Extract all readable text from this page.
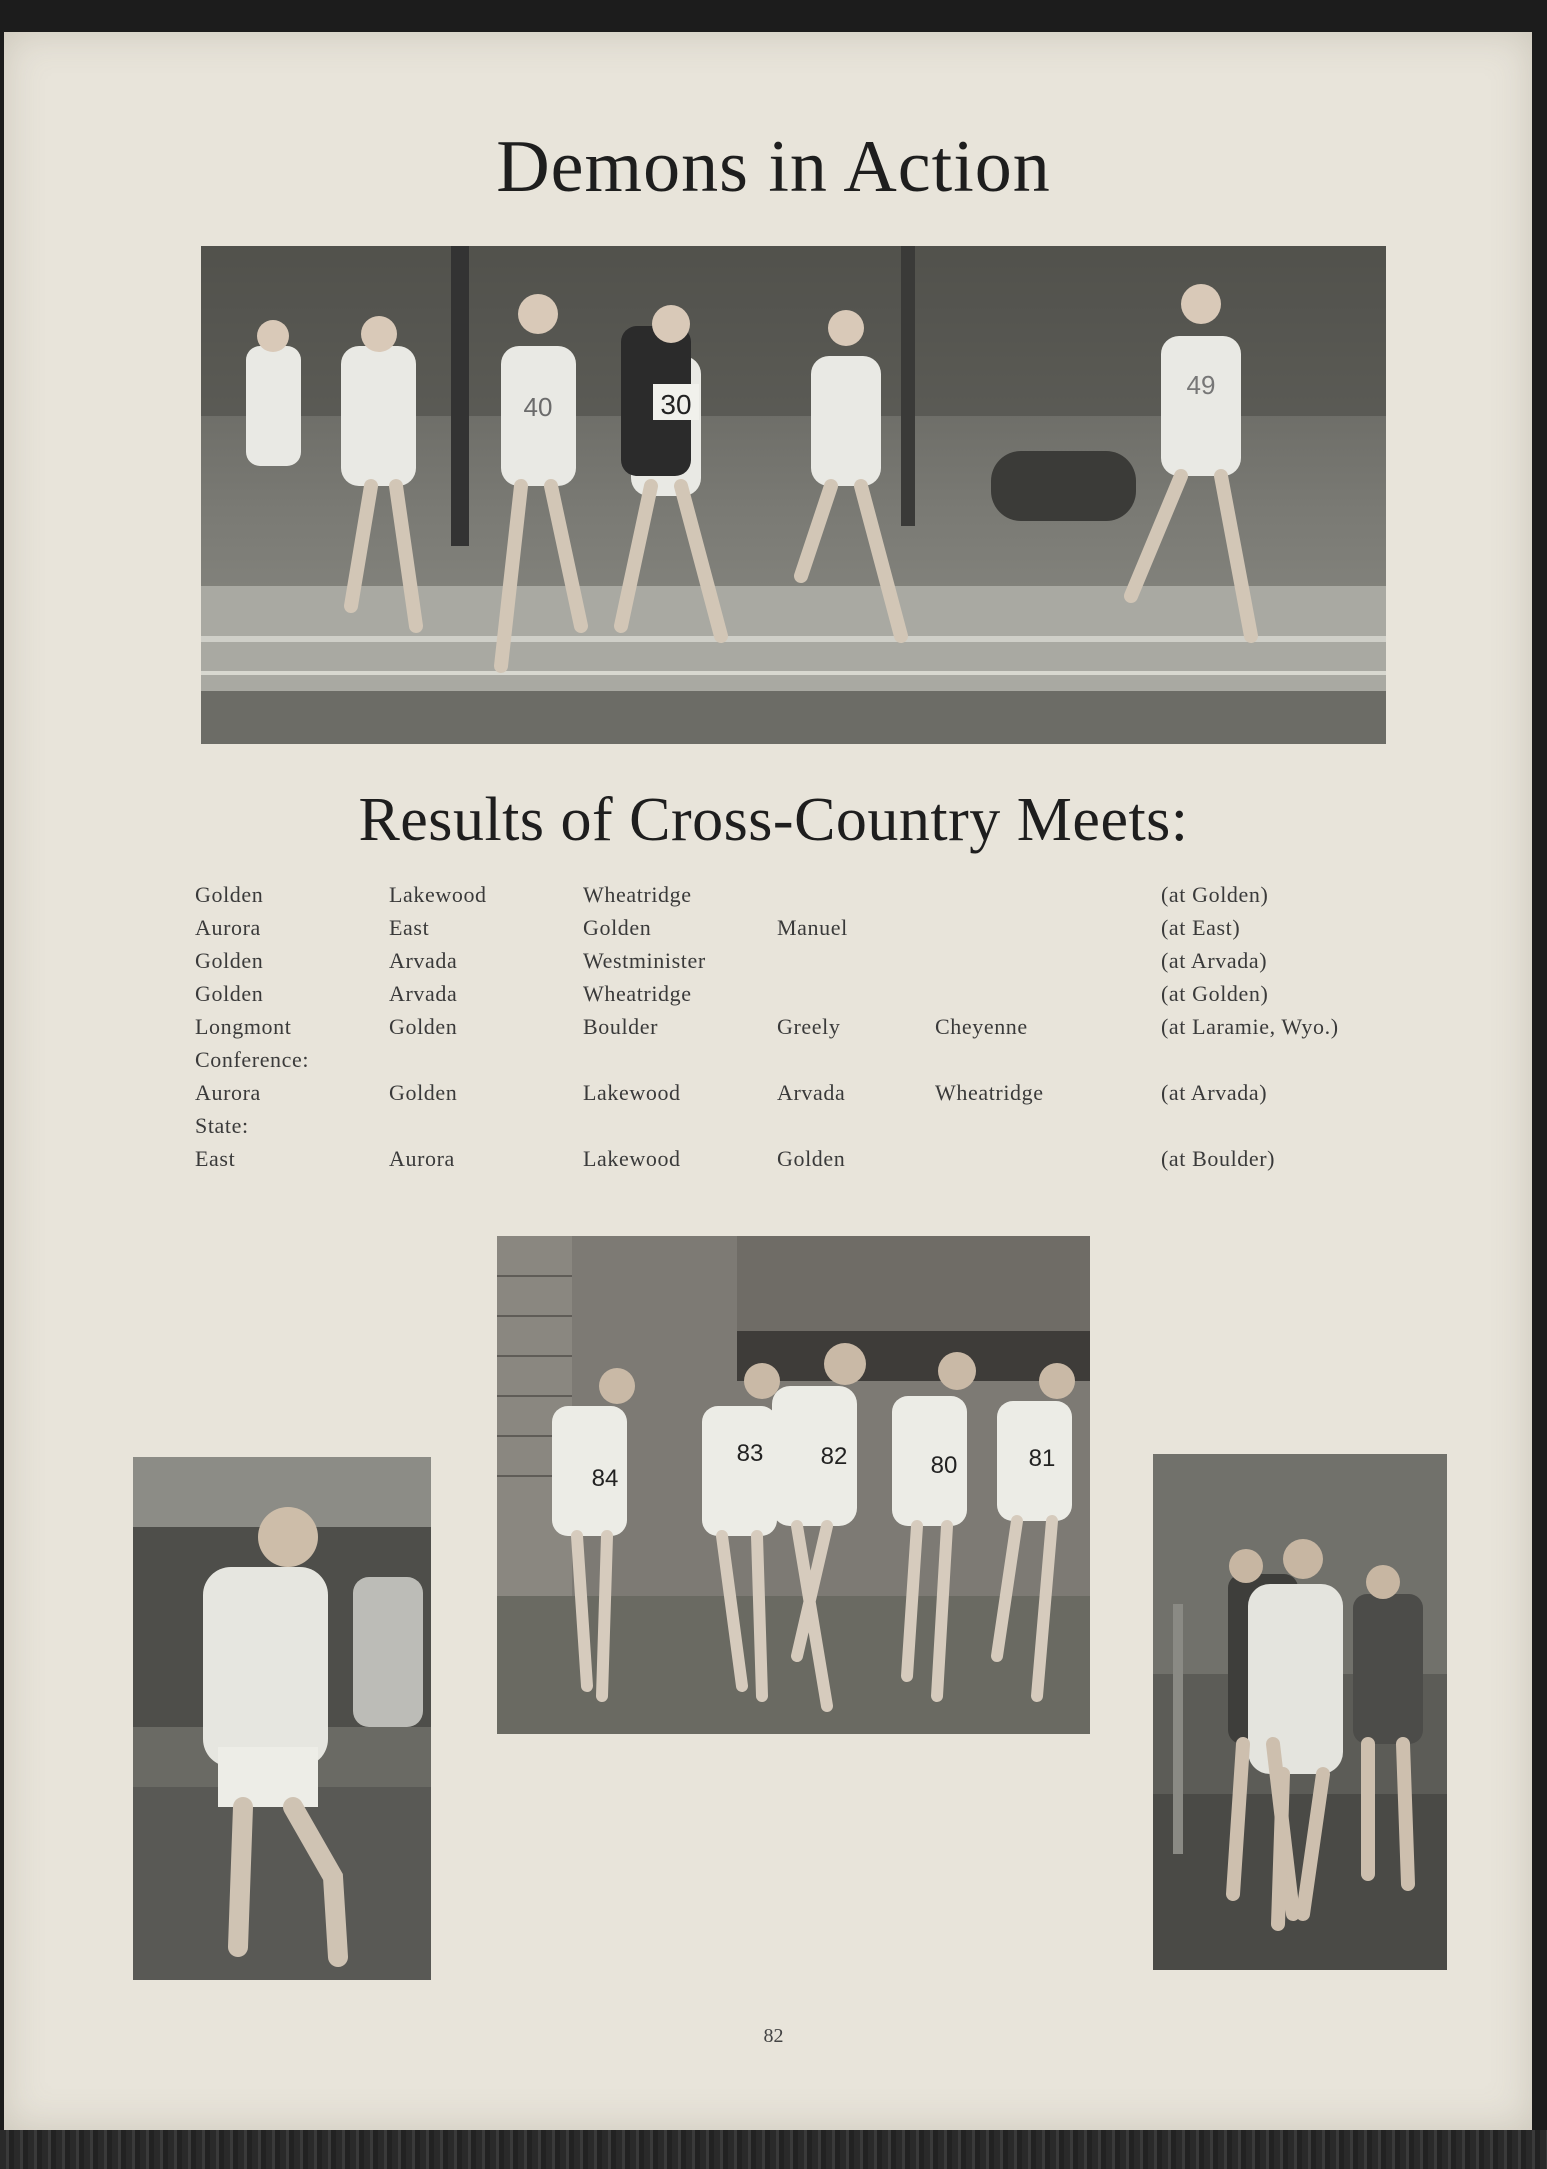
Demons in Action
40	30
49
Results of Cross-Country Meets:
Golden	Lakewood	Wheatridge	(at Golden)
Aurora	East	Golden	Manuel	(at East)
Golden	Arvada	Westminister	(at Arvada)
Golden	Arvada	Wheatridge	(at Golden)
Longmont	Golden	Boulder	Greely	Cheyenne	(at Laramie, Wyo.)
Conference:
Aurora	Golden	Lakewood	Arvada	Wheatridge	(at Arvada)
State:
East	Aurora	Lakewood	Golden	(at Boulder)
84
83 82	80	81
82
